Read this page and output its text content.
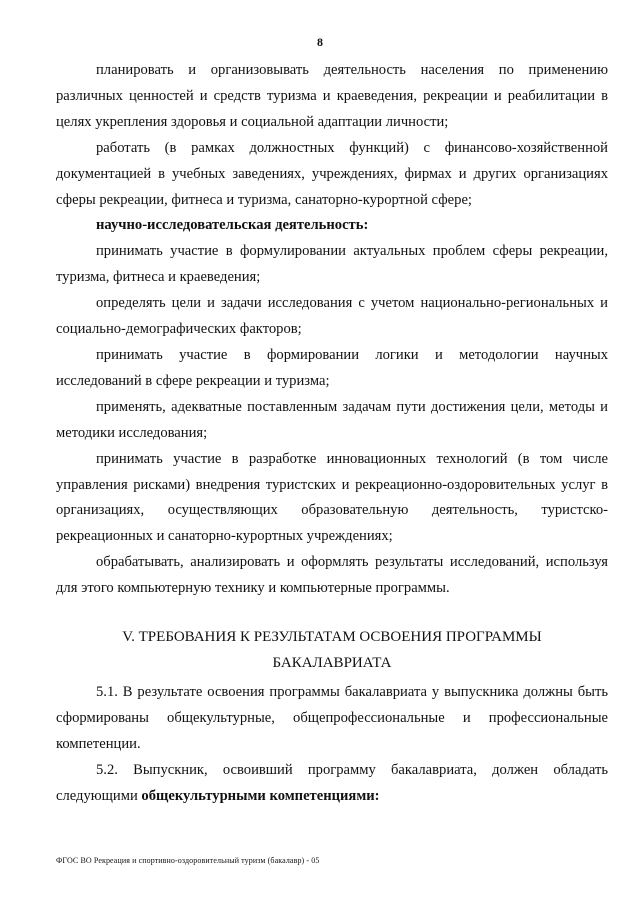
8

планировать и организовывать деятельность населения по применению различных ценностей и средств туризма и краеведения, рекреации и реабилитации в целях укрепления здоровья и социальной адаптации личности;

работать (в рамках должностных функций) с финансово-хозяйственной документацией в учебных заведениях, учреждениях, фирмах и других организациях сферы рекреации, фитнеса и туризма, санаторно-курортной сфере;

научно-исследовательская деятельность:

принимать участие в формулировании актуальных проблем сферы рекреации, туризма, фитнеса и краеведения;

определять цели и задачи исследования с учетом национально-региональных и социально-демографических факторов;

принимать участие в формировании логики и методологии научных исследований в сфере рекреации и туризма;

применять, адекватные поставленным задачам пути достижения цели, методы и методики исследования;

принимать участие в разработке инновационных технологий (в том числе управления рисками) внедрения туристских и рекреационно-оздоровительных услуг в организациях, осуществляющих образовательную деятельность, туристско-рекреационных и санаторно-курортных учреждениях;

обрабатывать, анализировать и оформлять результаты исследований, используя для этого компьютерную технику и компьютерные программы.

V. ТРЕБОВАНИЯ К РЕЗУЛЬТАТАМ ОСВОЕНИЯ ПРОГРАММЫ
БАКАЛАВРИАТА

5.1. В результате освоения программы бакалавриата у выпускника должны быть сформированы общекультурные, общепрофессиональные и профессиональные компетенции.

5.2. Выпускник, освоивший программу бакалавриата, должен обладать следующими общекультурными компетенциями:

ФГОС ВО Рекреация и спортивно-оздоровительный туризм (бакалавр) - 05
